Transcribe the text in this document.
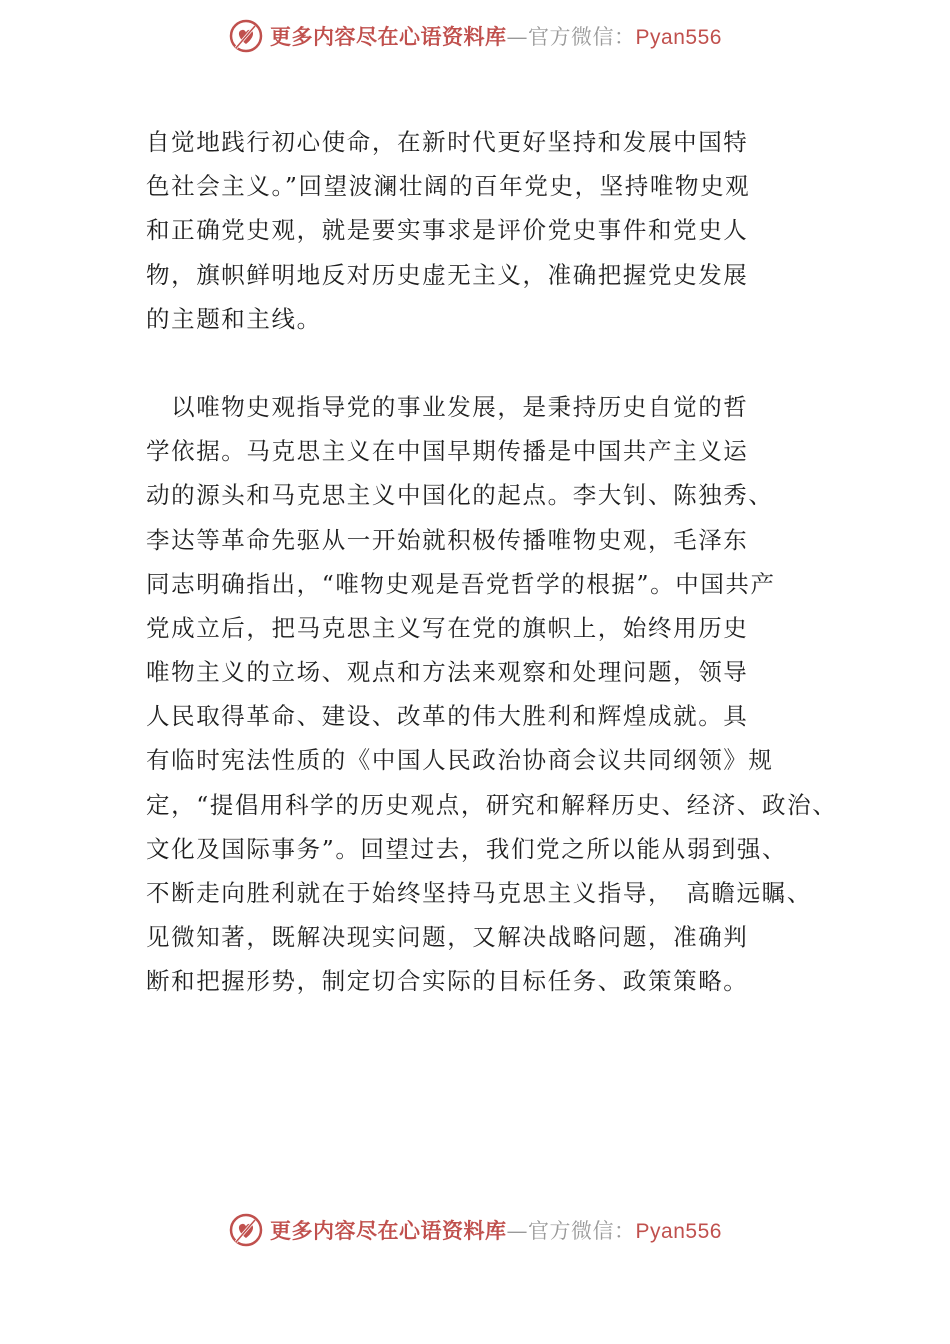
更多内容尽在心语资料库—官方微信：Pyan556
自觉地践行初心使命，在新时代更好坚持和发展中国特
色社会主义。”回望波澜壮阔的百年党史，坚持唯物史观
和正确党史观，就是要实事求是评价党史事件和党史人
物，旗帜鲜明地反对历史虚无主义，准确把握党史发展
的主题和主线。
　以唯物史观指导党的事业发展，是秉持历史自觉的哲
学依据。马克思主义在中国早期传播是中国共产主义运
动的源头和马克思主义中国化的起点。李大钊、陈独秀、
李达等革命先驱从一开始就积极传播唯物史观，毛泽东
同志明确指出，“唯物史观是吾党哲学的根据”。中国共产
党成立后，把马克思主义写在党的旗帜上，始终用历史
唯物主义的立场、观点和方法来观察和处理问题，领导
人民取得革命、建设、改革的伟大胜利和辉煌成就。具
有临时宪法性质的《中国人民政治协商会议共同纲领》规
定，“提倡用科学的历史观点，研究和解释历史、经济、政治、
文化及国际事务”。回望过去，我们党之所以能从弱到强、
不断走向胜利就在于始终坚持马克思主义指导，　高瞻远瞩、
见微知著，既解决现实问题，又解决战略问题，准确判
断和把握形势，制定切合实际的目标任务、政策策略。
更多内容尽在心语资料库—官方微信：Pyan556
